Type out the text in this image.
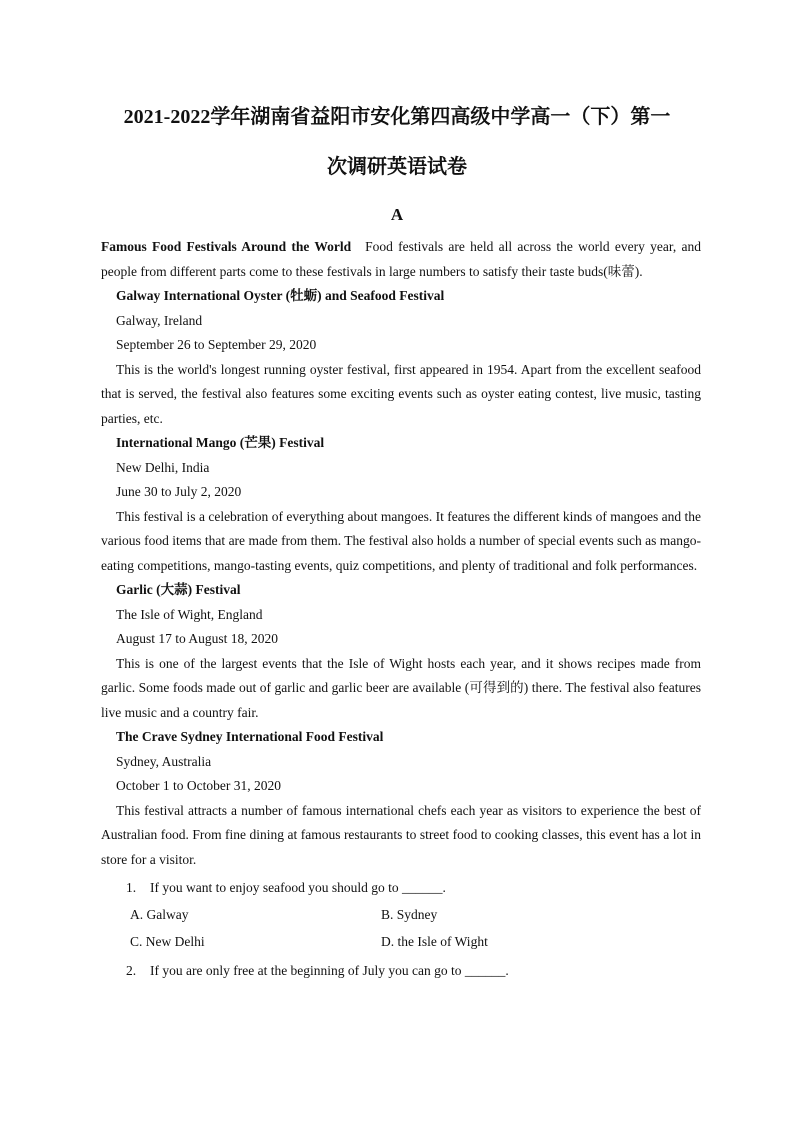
2021-2022学年湖南省益阳市安化第四高级中学高一（下）第一
次调研英语试卷
A

Famous Food Festivals Around the World Food festivals are held all across the world every year, and people from different parts come to these festivals in large numbers to satisfy their taste buds(味蕾).

Galway International Oyster (牡蛎) and Seafood Festival

Galway, Ireland

September 26 to September 29, 2020

This is the world's longest running oyster festival, first appeared in 1954. Apart from the excellent seafood that is served, the festival also features some exciting events such as oyster eating contest, live music, tasting parties, etc.

International Mango (芒果) Festival

New Delhi, India

June 30 to July 2, 2020

This festival is a celebration of everything about mangoes. It features the different kinds of mangoes and the various food items that are made from them. The festival also holds a number of special events such as mango-eating competitions, mango-tasting events, quiz competitions, and plenty of traditional and folk performances.

Garlic (大蒜) Festival

The Isle of Wight, England

August 17 to August 18, 2020

This is one of the largest events that the Isle of Wight hosts each year, and it shows recipes made from garlic. Some foods made out of garlic and garlic beer are available (可得到的) there. The festival also features live music and a country fair.

The Crave Sydney International Food Festival

Sydney, Australia

October 1 to October 31, 2020

This festival attracts a number of famous international chefs each year as visitors to experience the best of Australian food. From fine dining at famous restaurants to street food to cooking classes, this event has a lot in store for a visitor.

1.	If you want to enjoy seafood you should go to ______.
A. Galway	B. Sydney
C. New Delhi	D. the Isle of Wight
2.	If you are only free at the beginning of July you can go to ______.
